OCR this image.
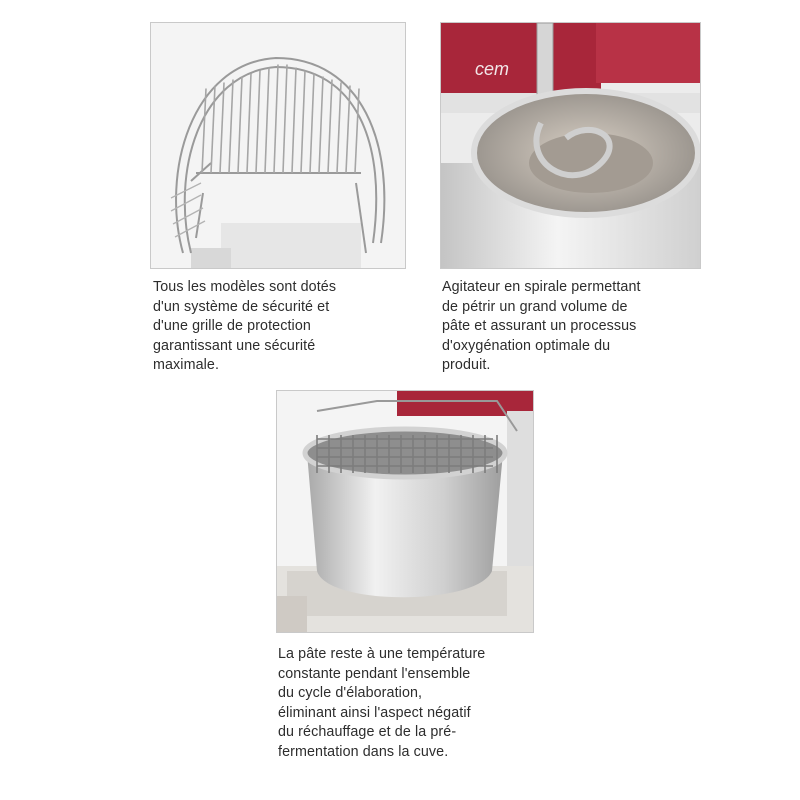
Tous les modèles sont dotés
d'un système de sécurité et
d'une grille de protection
garantissant une sécurité
maximale.
cem
Agitateur en spirale permettant
de pétrir un grand volume de
pâte et assurant un processus
d'oxygénation optimale du
produit.
La pâte reste à une température
constante pendant l'ensemble
du cycle d'élaboration,
éliminant ainsi l'aspect négatif
du réchauffage et de la pré-
fermentation dans la cuve.
